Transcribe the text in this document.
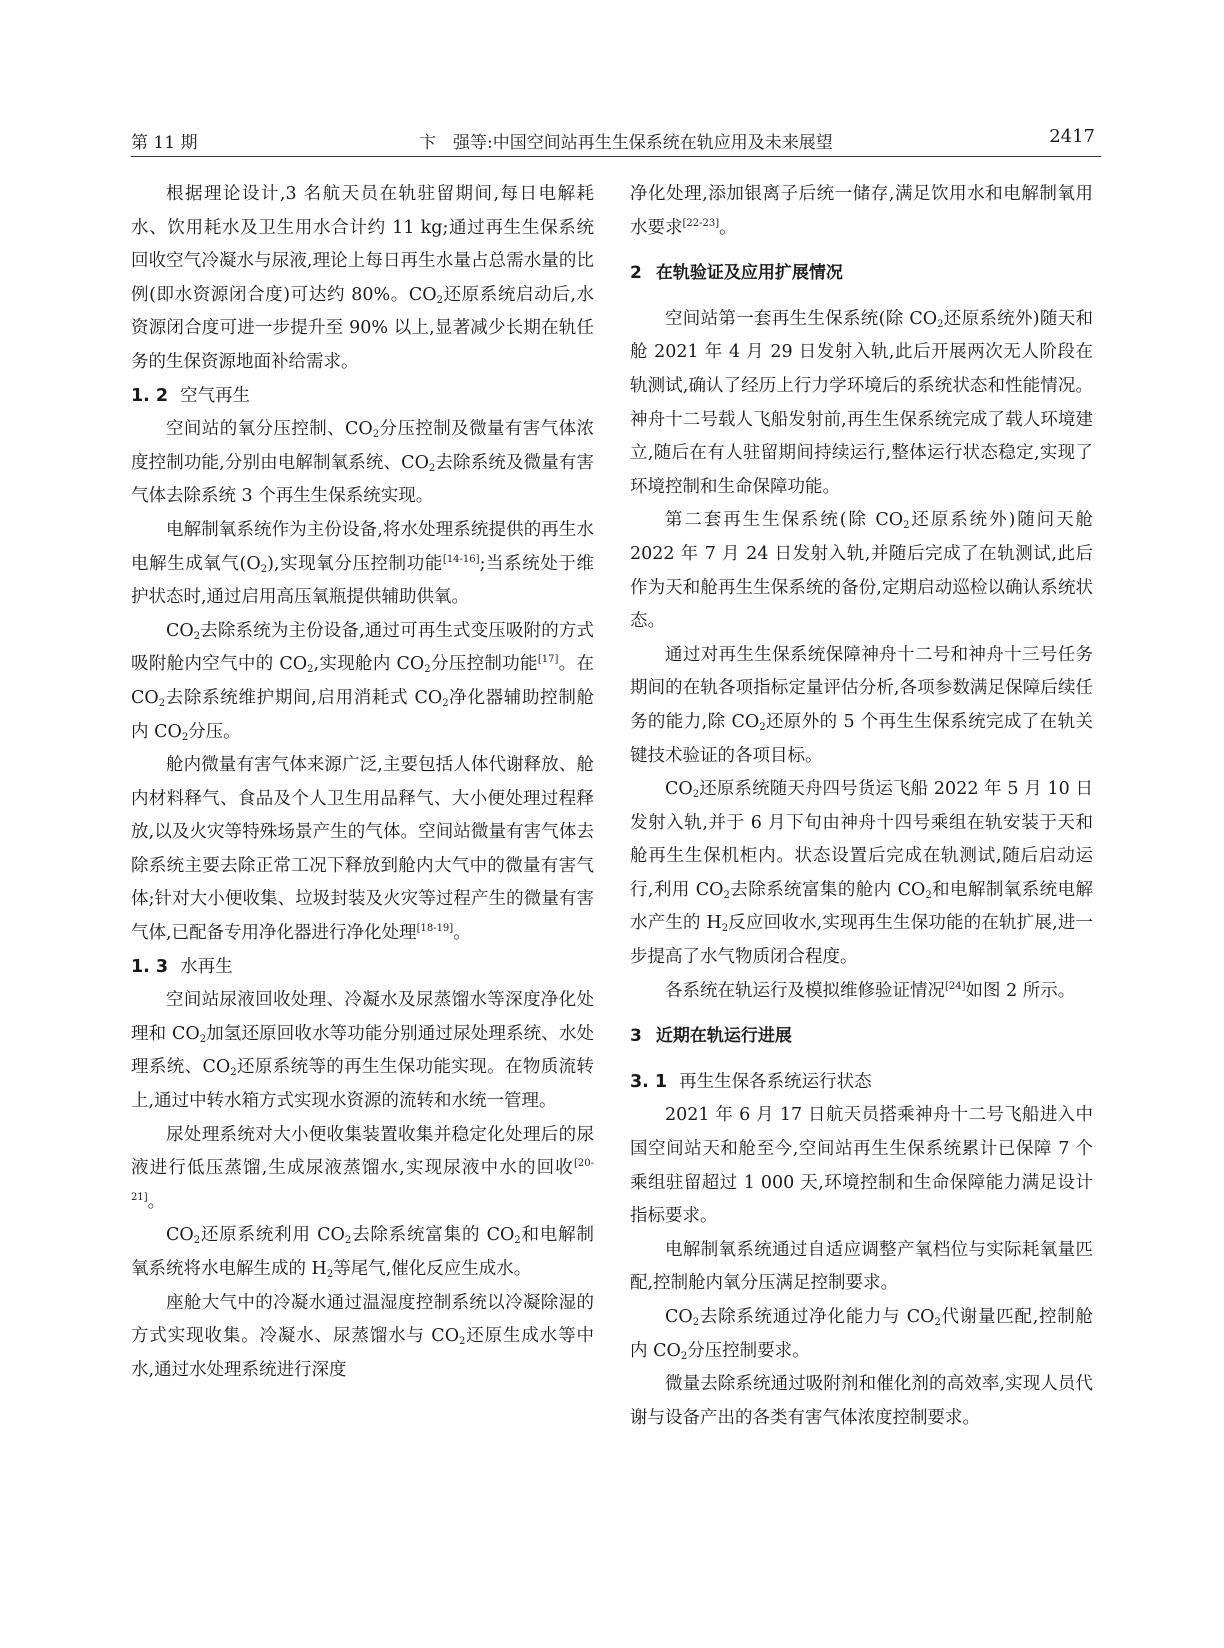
第 11 期	卞　强等:中国空间站再生生保系统在轨应用及未来展望	2417

根据理论设计,3 名航天员在轨驻留期间,每日电解耗水、饮用耗水及卫生用水合计约 11 kg;通过再生生保系统回收空气冷凝水与尿液,理论上每日再生水量占总需水量的比例(即水资源闭合度)可达约 80%。$CO_2$还原系统启动后,水资源闭合度可进一步提升至 90% 以上,显著减少长期在轨任务的生保资源地面补给需求。

1. 2 空气再生

空间站的氧分压控制、$CO_2$分压控制及微量有害气体浓度控制功能,分别由电解制氧系统、$CO_2$去除系统及微量有害气体去除系统 3 个再生生保系统实现。

电解制氧系统作为主份设备,将水处理系统提供的再生水电解生成氧气$(O_2)$,实现氧分压控制功能[14-16];当系统处于维护状态时,通过启用高压氧瓶提供辅助供氧。

$CO_2$去除系统为主份设备,通过可再生式变压吸附的方式吸附舱内空气中的 $CO_2$,实现舱内 $CO_2$分压控制功能[17]。在 $CO_2$去除系统维护期间,启用消耗式 $CO_2$净化器辅助控制舱内 $CO_2$分压。

舱内微量有害气体来源广泛,主要包括人体代谢释放、舱内材料释气、食品及个人卫生用品释气、大小便处理过程释放,以及火灾等特殊场景产生的气体。空间站微量有害气体去除系统主要去除正常工况下释放到舱内大气中的微量有害气体;针对大小便收集、垃圾封装及火灾等过程产生的微量有害气体,已配备专用净化器进行净化处理[18-19]。

1. 3 水再生

空间站尿液回收处理、冷凝水及尿蒸馏水等深度净化处理和 $CO_2$加氢还原回收水等功能分别通过尿处理系统、水处理系统、$CO_2$还原系统等的再生生保功能实现。在物质流转上,通过中转水箱方式实现水资源的流转和水统一管理。

尿处理系统对大小便收集装置收集并稳定化处理后的尿液进行低压蒸馏,生成尿液蒸馏水,实现尿液中水的回收[20-21]。

$CO_2$还原系统利用 $CO_2$去除系统富集的 $CO_2$和电解制氧系统将水电解生成的 $H_2$等尾气,催化反应生成水。

座舱大气中的冷凝水通过温湿度控制系统以冷凝除湿的方式实现收集。冷凝水、尿蒸馏水与 $CO_2$还原生成水等中水,通过水处理系统进行深度

净化处理,添加银离子后统一储存,满足饮用水和电解制氧用水要求[22-23]。

2 在轨验证及应用扩展情况

空间站第一套再生生保系统(除 $CO_2$还原系统外)随天和舱 2021 年 4 月 29 日发射入轨,此后开展两次无人阶段在轨测试,确认了经历上行力学环境后的系统状态和性能情况。神舟十二号载人飞船发射前,再生生保系统完成了载人环境建立,随后在有人驻留期间持续运行,整体运行状态稳定,实现了环境控制和生命保障功能。

第二套再生生保系统(除 $CO_2$还原系统外)随问天舱 2022 年 7 月 24 日发射入轨,并随后完成了在轨测试,此后作为天和舱再生生保系统的备份,定期启动巡检以确认系统状态。

通过对再生生保系统保障神舟十二号和神舟十三号任务期间的在轨各项指标定量评估分析,各项参数满足保障后续任务的能力,除 $CO_2$还原外的 5 个再生生保系统完成了在轨关键技术验证的各项目标。

$CO_2$还原系统随天舟四号货运飞船 2022 年 5 月 10 日发射入轨,并于 6 月下旬由神舟十四号乘组在轨安装于天和舱再生生保机柜内。状态设置后完成在轨测试,随后启动运行,利用 $CO_2$去除系统富集的舱内 $CO_2$和电解制氧系统电解水产生的 $H_2$反应回收水,实现再生生保功能的在轨扩展,进一步提高了水气物质闭合程度。

各系统在轨运行及模拟维修验证情况[24]如图 2 所示。

3 近期在轨运行进展

3. 1 再生生保各系统运行状态

2021 年 6 月 17 日航天员搭乘神舟十二号飞船进入中国空间站天和舱至今,空间站再生生保系统累计已保障 7 个乘组驻留超过 1 000 天,环境控制和生命保障能力满足设计指标要求。

电解制氧系统通过自适应调整产氧档位与实际耗氧量匹配,控制舱内氧分压满足控制要求。

$CO_2$去除系统通过净化能力与 $CO_2$代谢量匹配,控制舱内 $CO_2$分压控制要求。

微量去除系统通过吸附剂和催化剂的高效率,实现人员代谢与设备产出的各类有害气体浓度控制要求。
